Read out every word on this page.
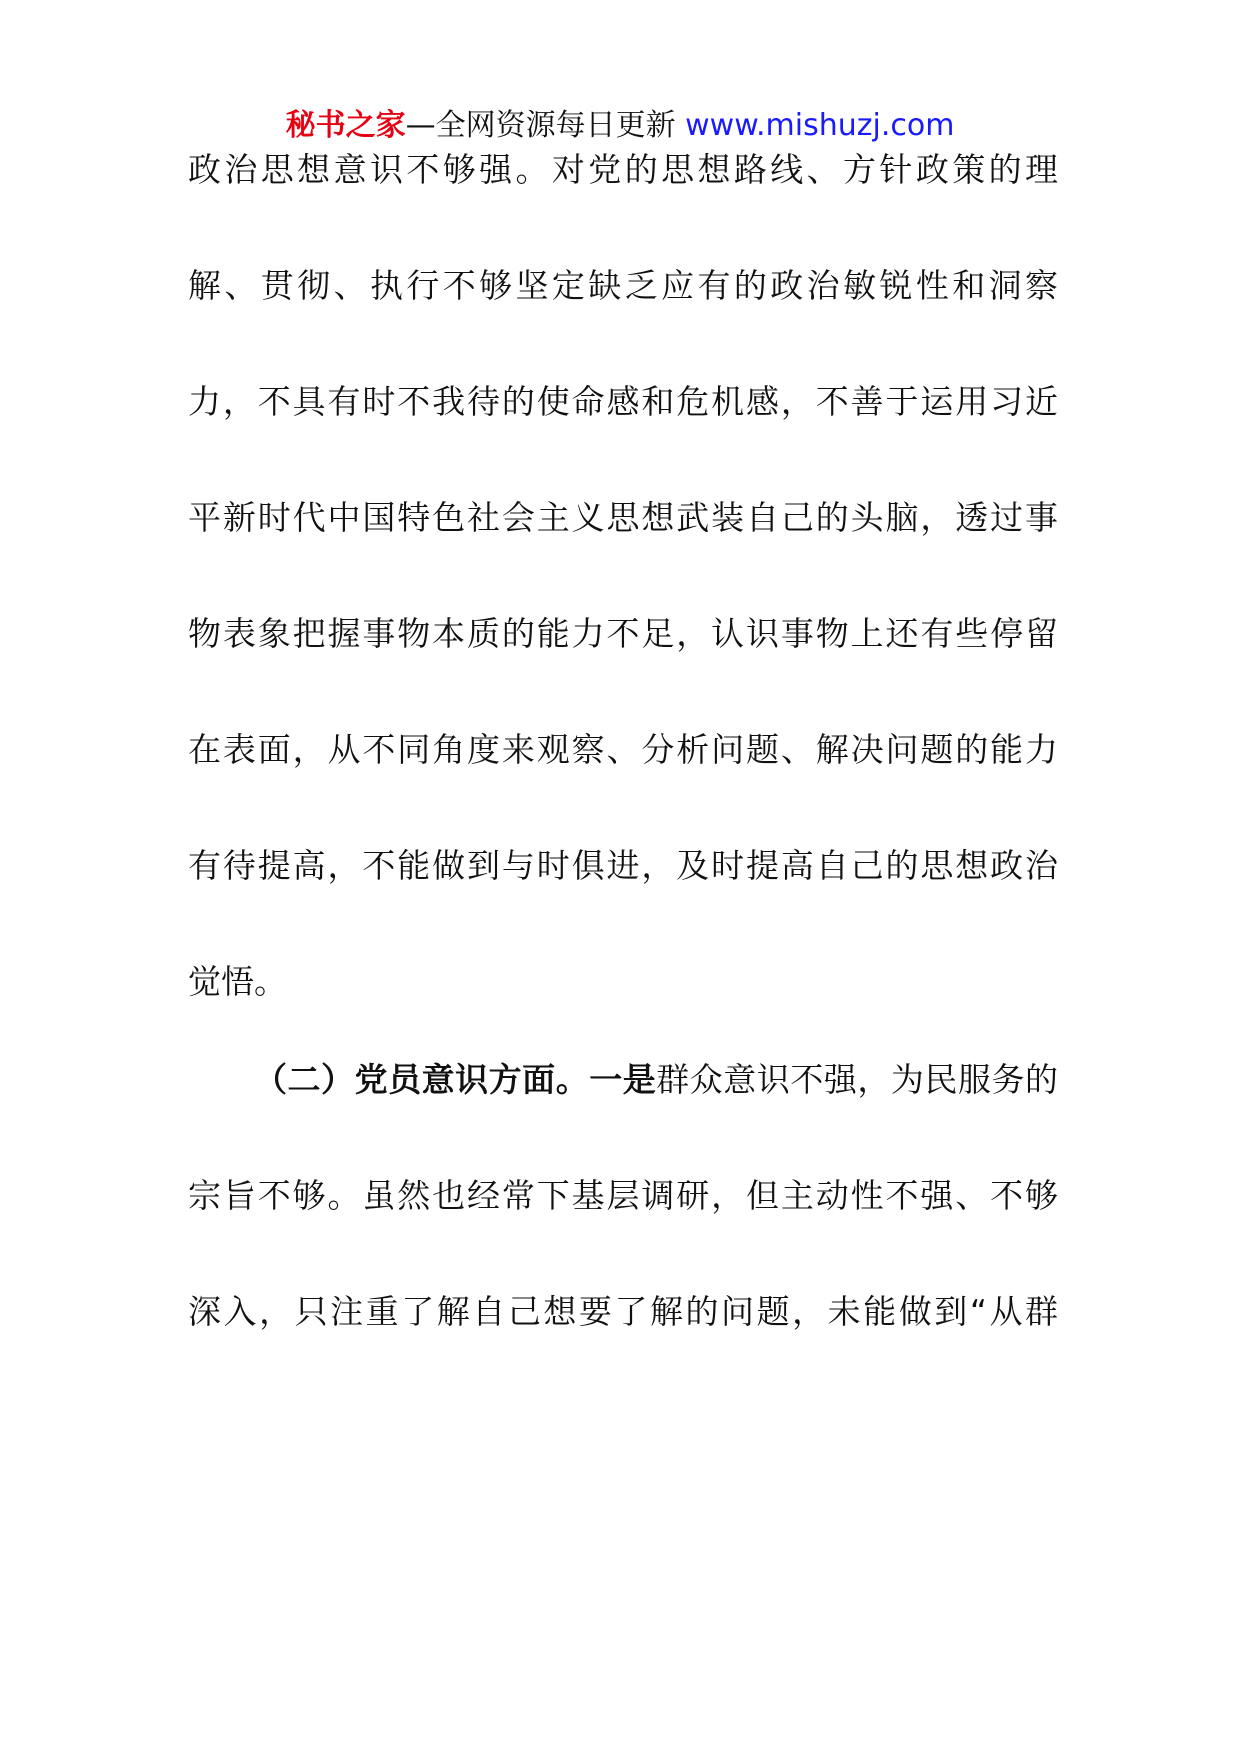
秘书之家—全网资源每日更新 www.mishuzj.com
政治思想意识不够强。对党的思想路线、方针政策的理
解、贯彻、执行不够坚定缺乏应有的政治敏锐性和洞察
力，不具有时不我待的使命感和危机感，不善于运用习近
平新时代中国特色社会主义思想武装自己的头脑，透过事
物表象把握事物本质的能力不足，认识事物上还有些停留
在表面，从不同角度来观察、分析问题、解决问题的能力
有待提高，不能做到与时俱进，及时提高自己的思想政治
觉悟。
（二）党员意识方面。一是群众意识不强，为民服务的
宗旨不够。虽然也经常下基层调研，但主动性不强、不够
深入，只注重了解自己想要了解的问题，未能做到“从群
